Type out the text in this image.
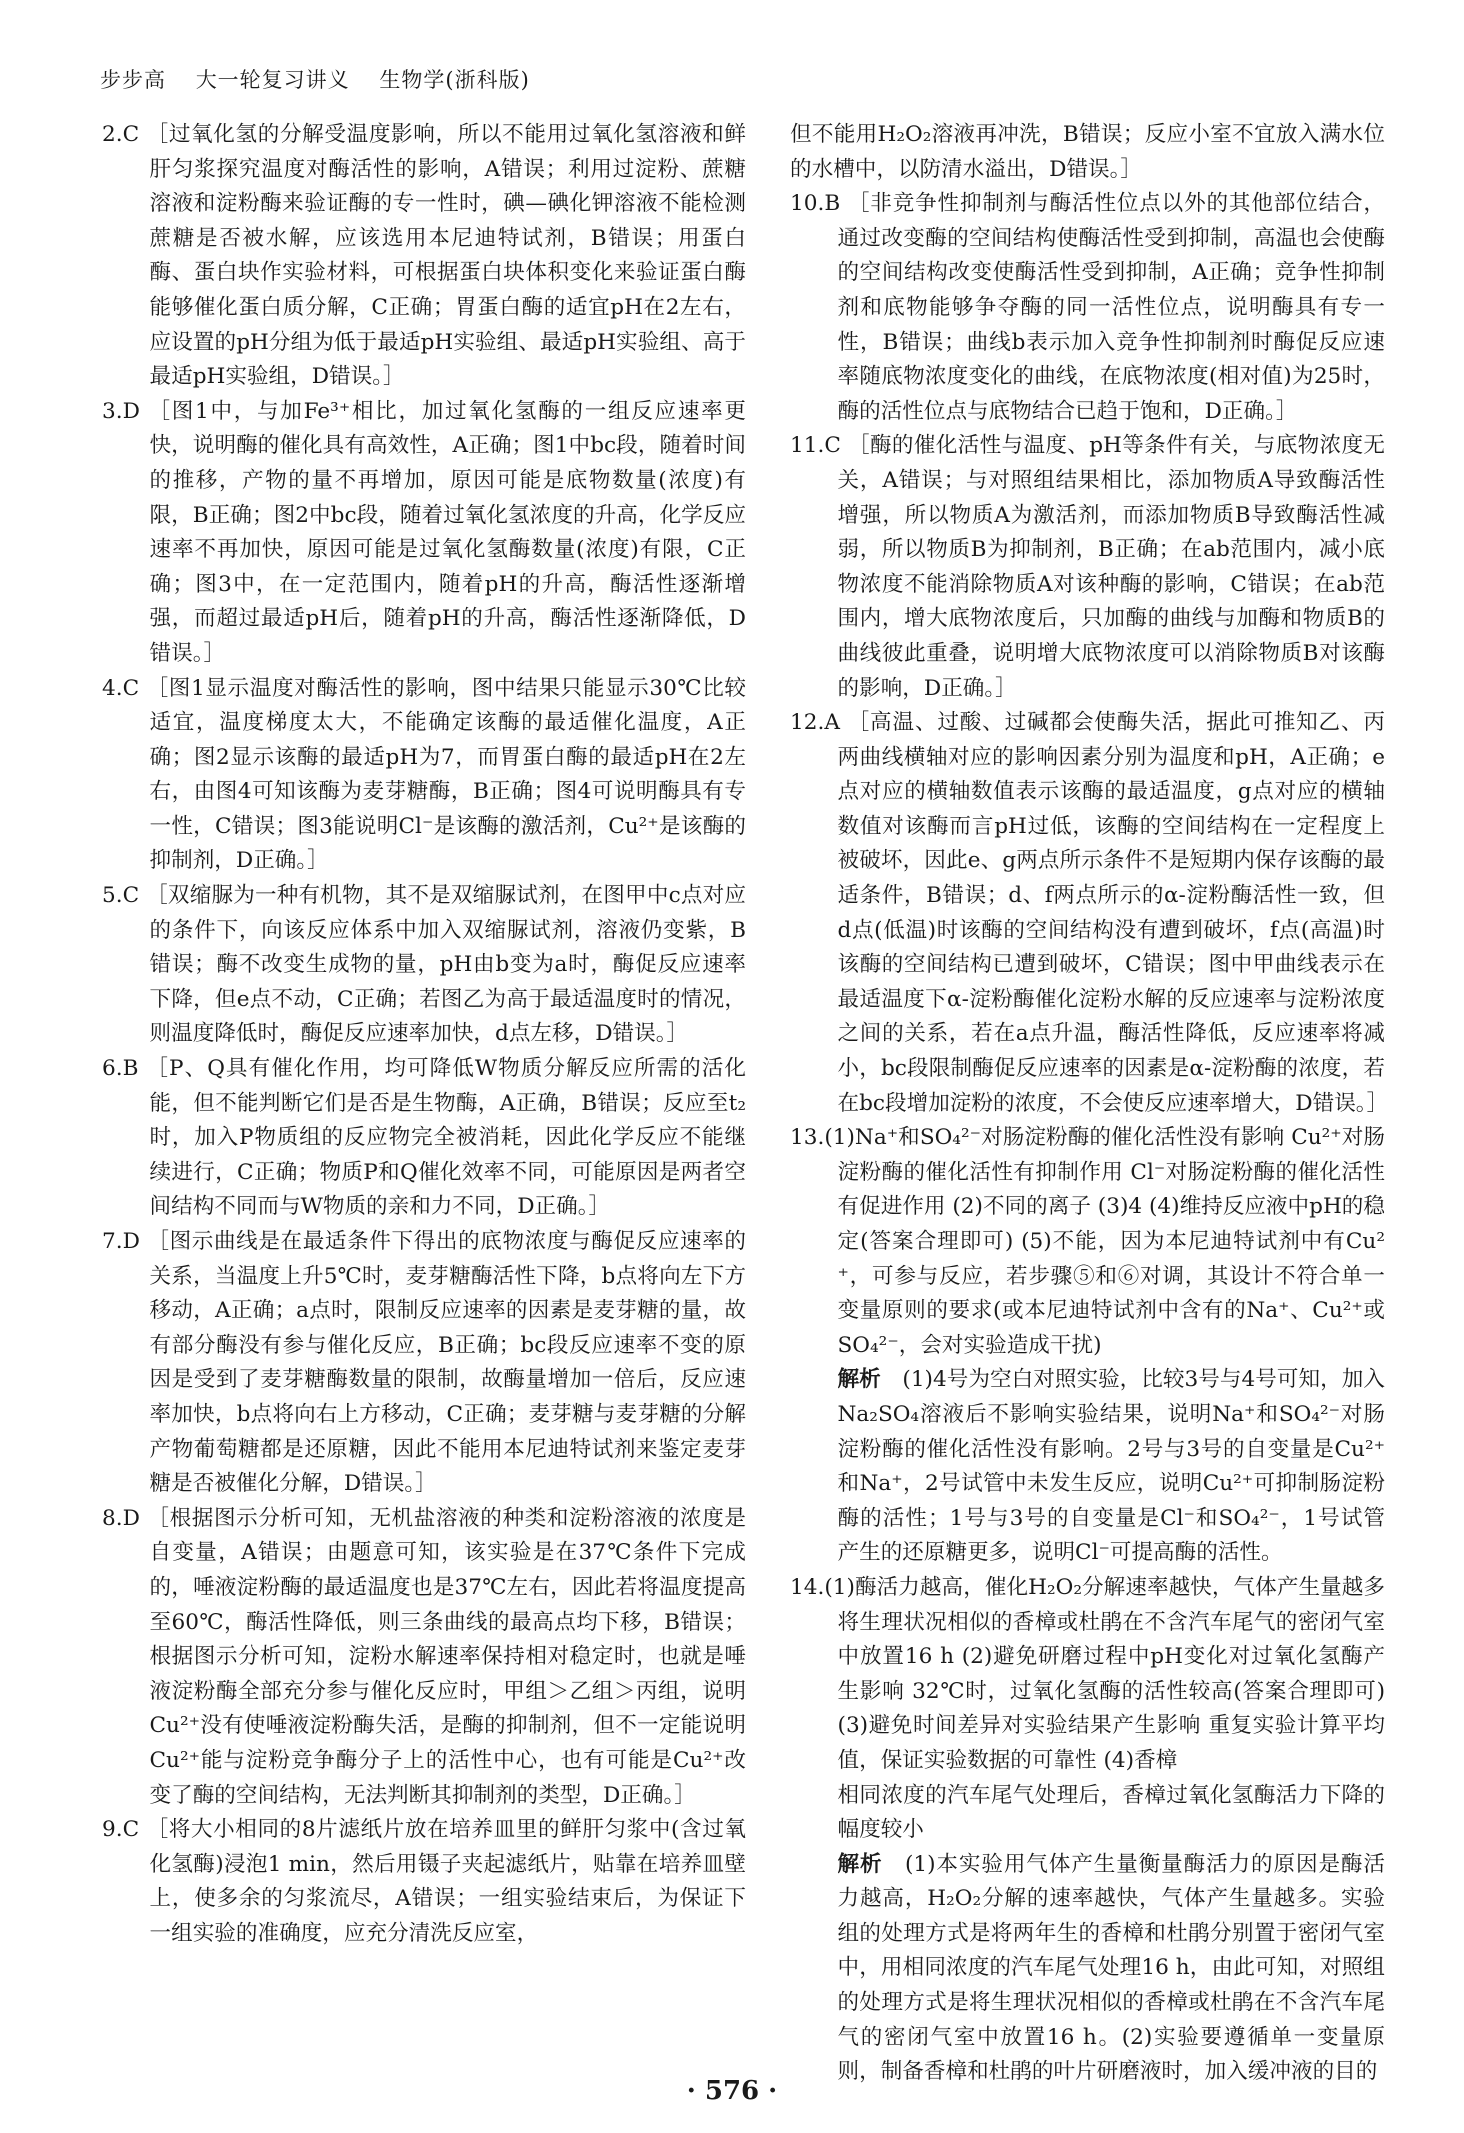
步步高 大一轮复习讲义 生物学(浙科版)

2.C ［过氧化氢的分解受温度影响，所以不能用过氧化氢溶液和鲜肝匀浆探究温度对酶活性的影响，A错误；利用过淀粉、蔗糖溶液和淀粉酶来验证酶的专一性时，碘—碘化钾溶液不能检测蔗糖是否被水解，应该选用本尼迪特试剂，B错误；用蛋白酶、蛋白块作实验材料，可根据蛋白块体积变化来验证蛋白酶能够催化蛋白质分解，C正确；胃蛋白酶的适宜pH在2左右，应设置的pH分组为低于最适pH实验组、最适pH实验组、高于最适pH实验组，D错误。］

3.D ［图1中，与加Fe³⁺相比，加过氧化氢酶的一组反应速率更快，说明酶的催化具有高效性，A正确；图1中bc段，随着时间的推移，产物的量不再增加，原因可能是底物数量(浓度)有限，B正确；图2中bc段，随着过氧化氢浓度的升高，化学反应速率不再加快，原因可能是过氧化氢酶数量(浓度)有限，C正确；图3中，在一定范围内，随着pH的升高，酶活性逐渐增强，而超过最适pH后，随着pH的升高，酶活性逐渐降低，D错误。］

4.C ［图1显示温度对酶活性的影响，图中结果只能显示30℃比较适宜，温度梯度太大，不能确定该酶的最适催化温度，A正确；图2显示该酶的最适pH为7，而胃蛋白酶的最适pH在2左右，由图4可知该酶为麦芽糖酶，B正确；图4可说明酶具有专一性，C错误；图3能说明Cl⁻是该酶的激活剂，Cu²⁺是该酶的抑制剂，D正确。］

5.C ［双缩脲为一种有机物，其不是双缩脲试剂，在图甲中c点对应的条件下，向该反应体系中加入双缩脲试剂，溶液仍变紫，B错误；酶不改变生成物的量，pH由b变为a时，酶促反应速率下降，但e点不动，C正确；若图乙为高于最适温度时的情况，则温度降低时，酶促反应速率加快，d点左移，D错误。］

6.B ［P、Q具有催化作用，均可降低W物质分解反应所需的活化能，但不能判断它们是否是生物酶，A正确，B错误；反应至t₂时，加入P物质组的反应物完全被消耗，因此化学反应不能继续进行，C正确；物质P和Q催化效率不同，可能原因是两者空间结构不同而与W物质的亲和力不同，D正确。］

7.D ［图示曲线是在最适条件下得出的底物浓度与酶促反应速率的关系，当温度上升5℃时，麦芽糖酶活性下降，b点将向左下方移动，A正确；a点时，限制反应速率的因素是麦芽糖的量，故有部分酶没有参与催化反应，B正确；bc段反应速率不变的原因是受到了麦芽糖酶数量的限制，故酶量增加一倍后，反应速率加快，b点将向右上方移动，C正确；麦芽糖与麦芽糖的分解产物葡萄糖都是还原糖，因此不能用本尼迪特试剂来鉴定麦芽糖是否被催化分解，D错误。］

8.D ［根据图示分析可知，无机盐溶液的种类和淀粉溶液的浓度是自变量，A错误；由题意可知，该实验是在37℃条件下完成的，唾液淀粉酶的最适温度也是37℃左右，因此若将温度提高至60℃，酶活性降低，则三条曲线的最高点均下移，B错误；根据图示分析可知，淀粉水解速率保持相对稳定时，也就是唾液淀粉酶全部充分参与催化反应时，甲组＞乙组＞丙组，说明Cu²⁺没有使唾液淀粉酶失活，是酶的抑制剂，但不一定能说明Cu²⁺能与淀粉竞争酶分子上的活性中心，也有可能是Cu²⁺改变了酶的空间结构，无法判断其抑制剂的类型，D正确。］

9.C ［将大小相同的8片滤纸片放在培养皿里的鲜肝匀浆中(含过氧化氢酶)浸泡1 min，然后用镊子夹起滤纸片，贴靠在培养皿壁上，使多余的匀浆流尽，A错误；一组实验结束后，为保证下一组实验的准确度，应充分清洗反应室，

但不能用H₂O₂溶液再冲洗，B错误；反应小室不宜放入满水位的水槽中，以防清水溢出，D错误。］

10.B ［非竞争性抑制剂与酶活性位点以外的其他部位结合，通过改变酶的空间结构使酶活性受到抑制，高温也会使酶的空间结构改变使酶活性受到抑制，A正确；竞争性抑制剂和底物能够争夺酶的同一活性位点，说明酶具有专一性，B错误；曲线b表示加入竞争性抑制剂时酶促反应速率随底物浓度变化的曲线，在底物浓度(相对值)为25时，酶的活性位点与底物结合已趋于饱和，D正确。］

11.C ［酶的催化活性与温度、pH等条件有关，与底物浓度无关，A错误；与对照组结果相比，添加物质A导致酶活性增强，所以物质A为激活剂，而添加物质B导致酶活性减弱，所以物质B为抑制剂，B正确；在ab范围内，减小底物浓度不能消除物质A对该种酶的影响，C错误；在ab范围内，增大底物浓度后，只加酶的曲线与加酶和物质B的曲线彼此重叠，说明增大底物浓度可以消除物质B对该酶的影响，D正确。］

12.A ［高温、过酸、过碱都会使酶失活，据此可推知乙、丙两曲线横轴对应的影响因素分别为温度和pH，A正确；e点对应的横轴数值表示该酶的最适温度，g点对应的横轴数值对该酶而言pH过低，该酶的空间结构在一定程度上被破坏，因此e、g两点所示条件不是短期内保存该酶的最适条件，B错误；d、f两点所示的α-淀粉酶活性一致，但d点(低温)时该酶的空间结构没有遭到破坏，f点(高温)时该酶的空间结构已遭到破坏，C错误；图中甲曲线表示在最适温度下α-淀粉酶催化淀粉水解的反应速率与淀粉浓度之间的关系，若在a点升温，酶活性降低，反应速率将减小，bc段限制酶促反应速率的因素是α-淀粉酶的浓度，若在bc段增加淀粉的浓度，不会使反应速率增大，D错误。］

13.(1)Na⁺和SO₄²⁻对肠淀粉酶的催化活性没有影响 Cu²⁺对肠淀粉酶的催化活性有抑制作用 Cl⁻对肠淀粉酶的催化活性有促进作用 (2)不同的离子 (3)4 (4)维持反应液中pH的稳定(答案合理即可) (5)不能，因为本尼迪特试剂中有Cu²⁺，可参与反应，若步骤⑤和⑥对调，其设计不符合单一变量原则的要求(或本尼迪特试剂中含有的Na⁺、Cu²⁺或SO₄²⁻，会对实验造成干扰)

解析　 (1)4号为空白对照实验，比较3号与4号可知，加入Na₂SO₄溶液后不影响实验结果，说明Na⁺和SO₄²⁻对肠淀粉酶的催化活性没有影响。2号与3号的自变量是Cu²⁺和Na⁺，2号试管中未发生反应，说明Cu²⁺可抑制肠淀粉酶的活性；1号与3号的自变量是Cl⁻和SO₄²⁻，1号试管产生的还原糖更多，说明Cl⁻可提高酶的活性。

14.(1)酶活力越高，催化H₂O₂分解速率越快，气体产生量越多 将生理状况相似的香樟或杜鹃在不含汽车尾气的密闭气室中放置16 h (2)避免研磨过程中pH变化对过氧化氢酶产生影响 32℃时，过氧化氢酶的活性较高(答案合理即可) (3)避免时间差异对实验结果产生影响 重复实验计算平均值，保证实验数据的可靠性 (4)香樟

相同浓度的汽车尾气处理后，香樟过氧化氢酶活力下降的幅度较小

解析　 (1)本实验用气体产生量衡量酶活力的原因是酶活力越高，H₂O₂分解的速率越快，气体产生量越多。实验组的处理方式是将两年生的香樟和杜鹃分别置于密闭气室中，用相同浓度的汽车尾气处理16 h，由此可知，对照组的处理方式是将生理状况相似的香樟或杜鹃在不含汽车尾气的密闭气室中放置16 h。(2)实验要遵循单一变量原则，制备香樟和杜鹃的叶片研磨液时，加入缓冲液的目的

· 576 ·
